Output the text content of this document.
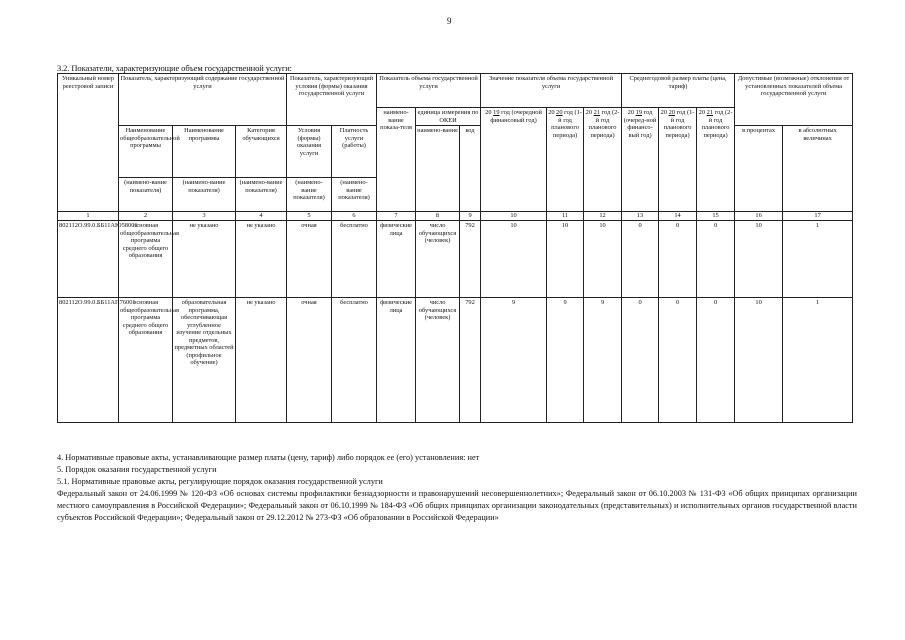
9
3.2. Показатели, характеризующие объем государственной услуги:
Уникальный номер реестровой записи	Показатель, характеризующий содержание государственной услуги			Показатель, характеризующий условия (формы) оказания государственной услуги		Показатель объема государственной услуги			Значение показателя объема государственной услуги			Среднегодовой размер платы (цена, тариф)			Допустимые (возможные) отклонения от установленных показателей объема государственной услуги	
						наимено-вание показа-теля	единица измерения по ОКЕИ		20 19 год (очередной финансовый год)	20 20 год (1-й год планового периода)	20 21 год (2-й год планового периода)	20 19 год (очеред-ной финансо-вый год)	20 20 год (1-й год планового периода)	20 21 год (2-й год планового периода)		
	Наименование общеобразовательной программы	Наименование программы	Категория обучающихся	Условия (формы) оказания услуги	Платность услуги (работы)		наимено-вание	код							в процентах	в абсолютных величинах
	(наимено-вание показателя)	(наимено-вание показателя)	(наимено-вание показателя)	(наимено-вание показателя)	(наимено-вание показателя)											
1	2	3	4	5	6	7	8	9	10	11	12	13	14	15	16	17
802112О.99.0.ББ11АЮ58001	основная общеобразовательная программа среднего общего образования	не указано	не указано	очная	бесплатно	физические лица	число обучающихся (человек)	792	10	10	10	0	0	0	10	1
802112О.99.0.ББ11АП76001	основная общеобразовательная программа среднего общего образования	образовательная программа, обеспечивающая углубленное изучение отдельных предметов, предметных областей (профильное обучение)	не указано	очная	бесплатно	физические лица	число обучающихся (человек)	792	9	9	9	0	0	0	10	1

4. Нормативные правовые акты, устанавливающие размер платы (цену, тариф) либо порядок ее (его) установления: нет

5. Порядок оказания государственной услуги

5.1. Нормативные правовые акты, регулирующие порядок оказания государственной услуги

Федеральный закон от 24.06.1999 № 120-ФЗ «Об основах системы профилактики безнадзорности и правонарушений несовершеннолетних»; Федеральный закон от 06.10.2003 № 131-ФЗ «Об общих принципах организации местного самоуправления в Российской Федерации»; Федеральный закон от 06.10.1999 № 184-ФЗ «Об общих принципах организации законодательных (представительных) и исполнительных органов государственной власти субъектов Российской Федерации»; Федеральный закон от 29.12.2012 № 273-ФЗ «Об образовании в Российской Федерации»
